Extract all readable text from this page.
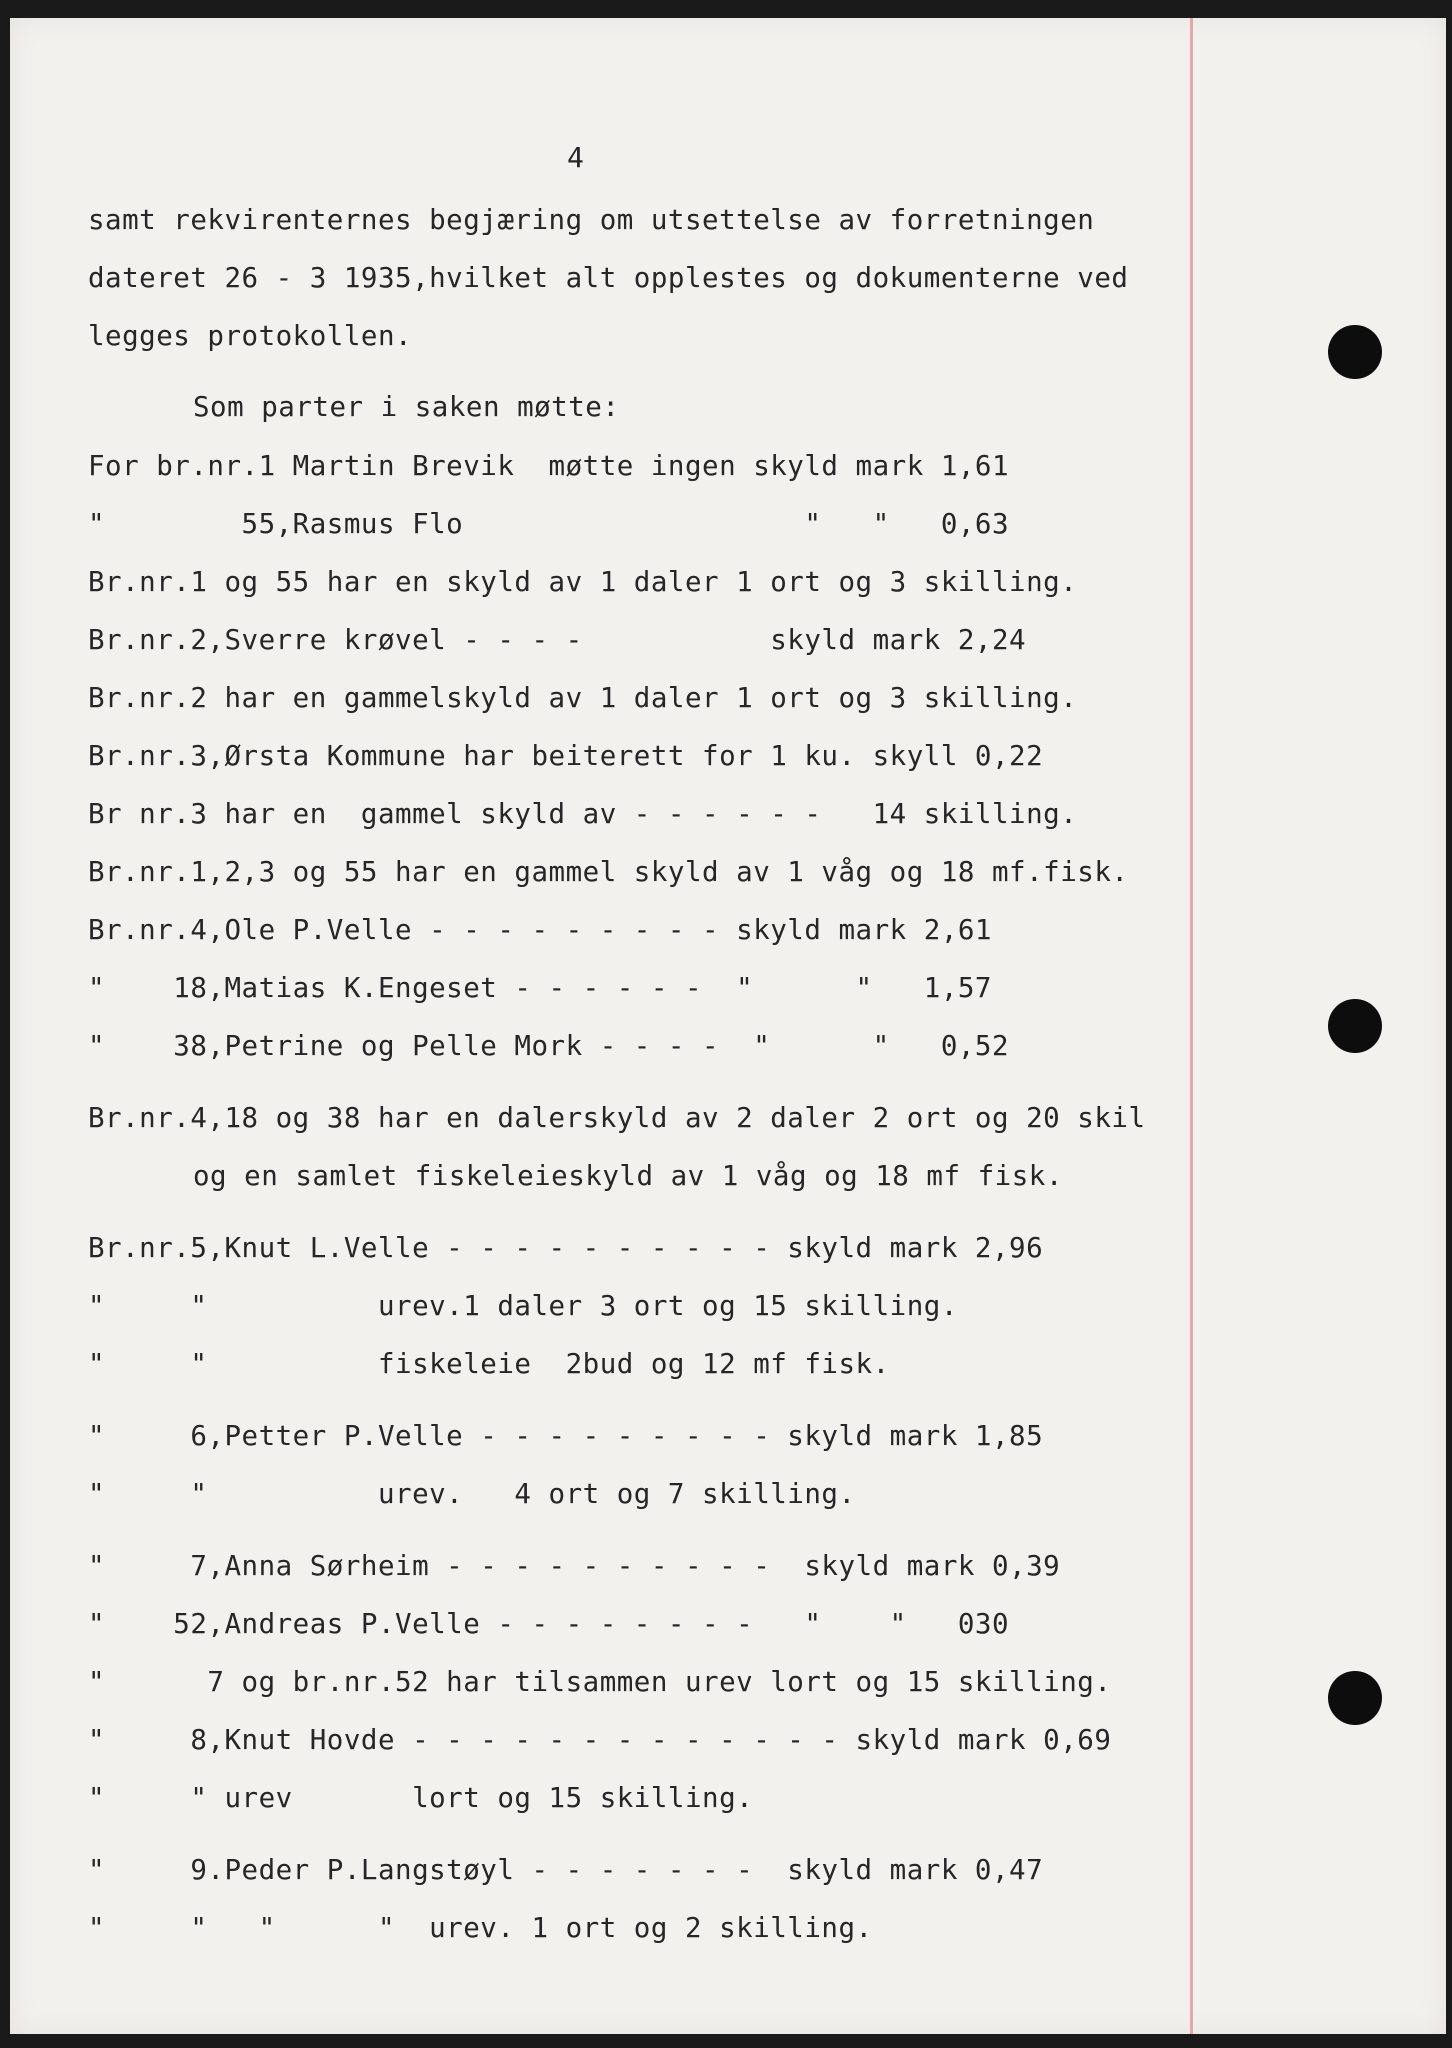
4
samt rekvirenternes begjæring om utsettelse av forretningen
dateret 26 - 3 1935,hvilket alt opplestes og dokumenterne ved
legges protokollen.
Som parter i saken møtte:
For br.nr.1 Martin Brevik  møtte ingen skyld mark 1,61
"        55,Rasmus Flo                    "   "   0,63
Br.nr.1 og 55 har en skyld av 1 daler 1 ort og 3 skilling.
Br.nr.2,Sverre krøvel - - - -           skyld mark 2,24
Br.nr.2 har en gammelskyld av 1 daler 1 ort og 3 skilling.
Br.nr.3,Ørsta Kommune har beiterett for 1 ku. skyll 0,22
Br nr.3 har en  gammel skyld av - - - - - -   14 skilling.
Br.nr.1,2,3 og 55 har en gammel skyld av 1 våg og 18 mf.fisk.
Br.nr.4,Ole P.Velle - - - - - - - - - skyld mark 2,61
"    18,Matias K.Engeset - - - - - -  "      "   1,57
"    38,Petrine og Pelle Mork - - - -  "      "   0,52
Br.nr.4,18 og 38 har en dalerskyld av 2 daler 2 ort og 20 skil
og en samlet fiskeleieskyld av 1 våg og 18 mf fisk.
Br.nr.5,Knut L.Velle - - - - - - - - - - skyld mark 2,96
"     "          urev.1 daler 3 ort og 15 skilling.
"     "          fiskeleie  2bud og 12 mf fisk.
"     6,Petter P.Velle - - - - - - - - - skyld mark 1,85
"     "          urev.   4 ort og 7 skilling.
"     7,Anna Sørheim - - - - - - - - - -  skyld mark 0,39
"    52,Andreas P.Velle - - - - - - - -   "    "   030
"      7 og br.nr.52 har tilsammen urev lort og 15 skilling.
"     8,Knut Hovde - - - - - - - - - - - - - skyld mark 0,69
"     " urev       lort og 15 skilling.
"     9.Peder P.Langstøyl - - - - - - -  skyld mark 0,47
"     "   "      "  urev. 1 ort og 2 skilling.
